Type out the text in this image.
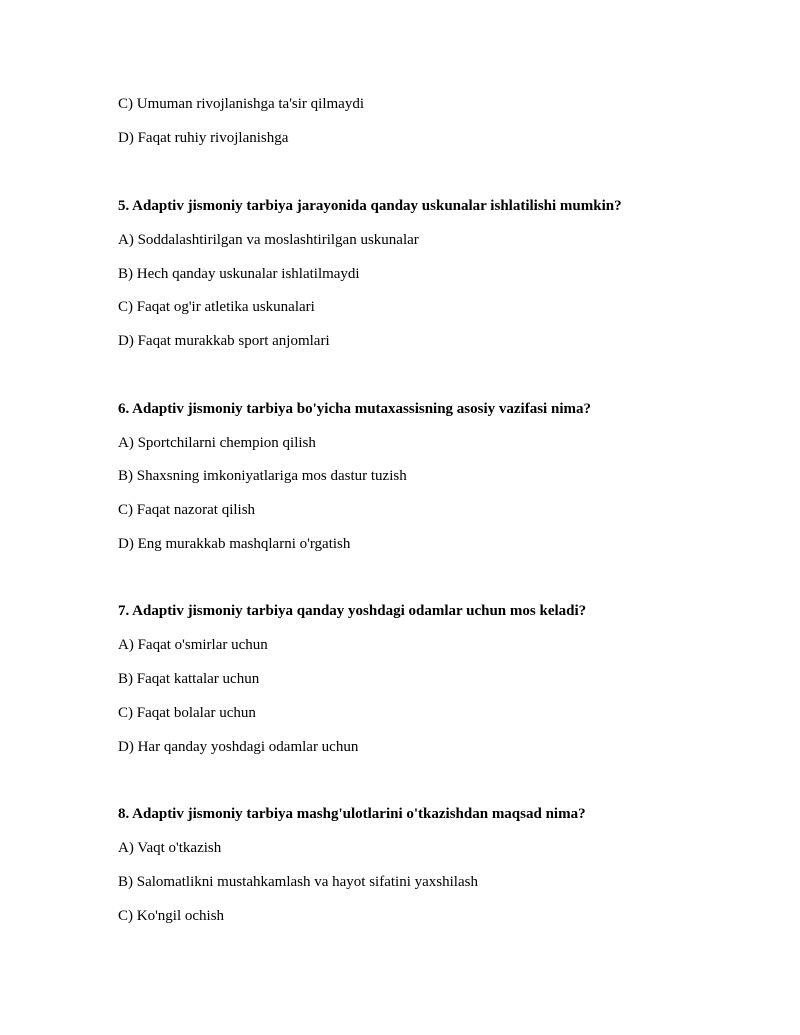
C) Umuman rivojlanishga ta'sir qilmaydi
D) Faqat ruhiy rivojlanishga
5. Adaptiv jismoniy tarbiya jarayonida qanday uskunalar ishlatilishi mumkin?
A) Soddalashtirilgan va moslashtirilgan uskunalar
B) Hech qanday uskunalar ishlatilmaydi
C) Faqat og'ir atletika uskunalari
D) Faqat murakkab sport anjomlari
6. Adaptiv jismoniy tarbiya bo'yicha mutaxassisning asosiy vazifasi nima?
A) Sportchilarni chempion qilish
B) Shaxsning imkoniyatlariga mos dastur tuzish
C) Faqat nazorat qilish
D) Eng murakkab mashqlarni o'rgatish
7. Adaptiv jismoniy tarbiya qanday yoshdagi odamlar uchun mos keladi?
A) Faqat o'smirlar uchun
B) Faqat kattalar uchun
C) Faqat bolalar uchun
D) Har qanday yoshdagi odamlar uchun
8. Adaptiv jismoniy tarbiya mashg'ulotlarini o'tkazishdan maqsad nima?
A) Vaqt o'tkazish
B) Salomatlikni mustahkamlash va hayot sifatini yaxshilash
C) Ko'ngil ochish
